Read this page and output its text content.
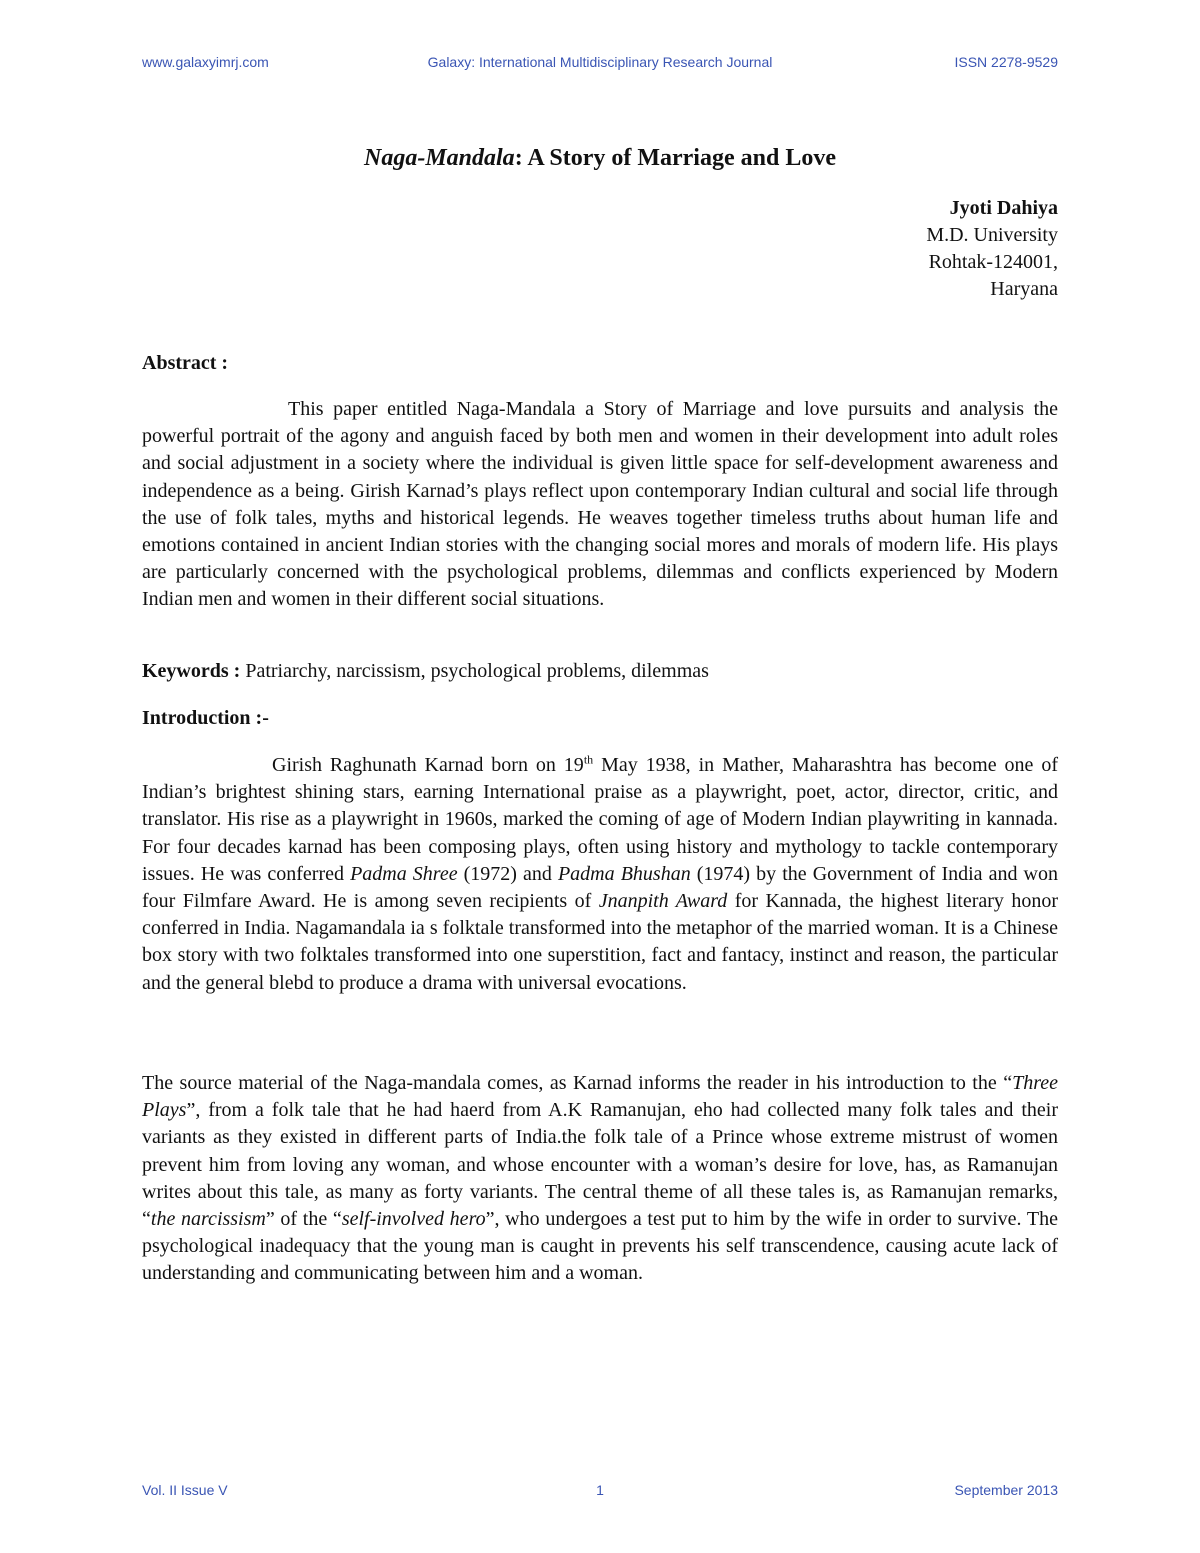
www.galaxyimrj.com	Galaxy: International Multidisciplinary Research Journal	ISSN 2278-9529
Naga-Mandala: A Story of Marriage and Love
Jyoti Dahiya
M.D. University
Rohtak-124001,
Haryana
Abstract :
This paper entitled Naga-Mandala a Story of Marriage and love pursuits and analysis the powerful portrait of the agony and anguish faced by both men and women in their development into adult roles and social adjustment in a society where the individual is given little space for self-development awareness and independence as a being. Girish Karnad’s plays reflect upon contemporary Indian cultural and social life through the use of folk tales, myths and historical legends. He weaves together timeless truths about human life and emotions contained in ancient Indian stories with the changing social mores and morals of modern life. His plays are particularly concerned with the psychological problems, dilemmas and conflicts experienced by Modern Indian men and women in their different social situations.
Keywords : Patriarchy, narcissism, psychological problems, dilemmas
Introduction :-
Girish Raghunath Karnad born on 19th May 1938, in Mather, Maharashtra has become one of Indian’s brightest shining stars, earning International praise as a playwright, poet, actor, director, critic, and translator. His rise as a playwright in 1960s, marked the coming of age of Modern Indian playwriting in kannada. For four decades karnad has been composing plays, often using history and mythology to tackle contemporary issues. He was conferred Padma Shree (1972) and Padma Bhushan (1974) by the Government of India and won four Filmfare Award. He is among seven recipients of Jnanpith Award for Kannada, the highest literary honor conferred in India. Nagamandala ia s folktale transformed into the metaphor of the married woman. It is a Chinese box story with two folktales transformed into one superstition, fact and fantacy, instinct and reason, the particular and the general blebd to produce a drama with universal evocations.
The source material of the Naga-mandala comes, as Karnad informs the reader in his introduction to the “Three Plays”, from a folk tale that he had haerd from A.K Ramanujan, eho had collected many folk tales and their variants as they existed in different parts of India.the folk tale of a Prince whose extreme mistrust of women prevent him from loving any woman, and whose encounter with a woman’s desire for love, has, as Ramanujan writes about this tale, as many as forty variants. The central theme of all these tales is, as Ramanujan remarks, “the narcissism” of the “self-involved hero”, who undergoes a test put to him by the wife in order to survive. The psychological inadequacy that the young man is caught in prevents his self transcendence, causing acute lack of understanding and communicating between him and a woman.
Vol. II Issue V	1	September 2013
